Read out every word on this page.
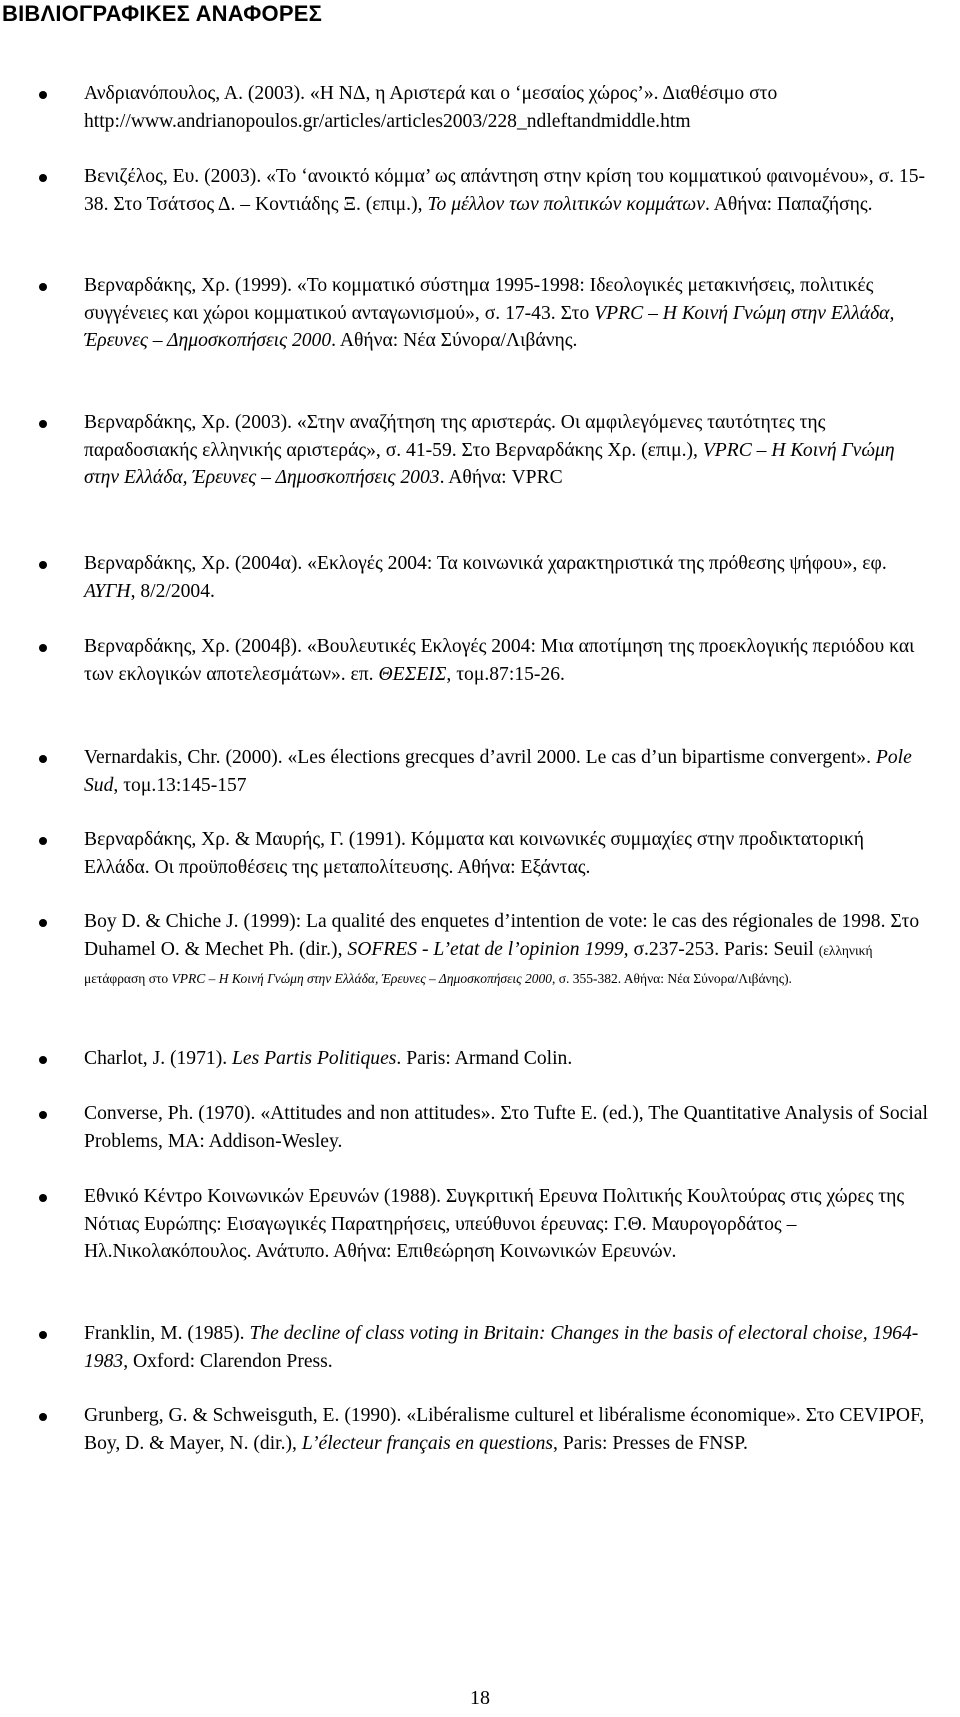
ΒΙΒΛΙΟΓΡΑΦΙΚΕΣ ΑΝΑΦΟΡΕΣ
Ανδριανόπουλος, Α. (2003). «Η ΝΔ, η Αριστερά και ο ‘μεσαίος χώρος’». Διαθέσιμο στο http://www.andrianopoulos.gr/articles/articles2003/228_ndleftandmiddle.htm
Βενιζέλος, Ευ. (2003). «Το ‘ανοικτό κόμμα’ ως απάντηση στην κρίση του κομματικού φαινομένου», σ. 15-38. Στο Τσάτσος Δ. – Κοντιάδης Ξ. (επιμ.), Το μέλλον των πολιτικών κομμάτων. Αθήνα: Παπαζήσης.
Βερναρδάκης, Χρ. (1999). «Το κομματικό σύστημα 1995-1998: Ιδεολογικές μετακινήσεις, πολιτικές συγγένειες και χώροι κομματικού ανταγωνισμού», σ. 17-43. Στο VPRC – Η Κοινή Γνώμη στην Ελλάδα, Έρευνες – Δημοσκοπήσεις 2000. Αθήνα: Νέα Σύνορα/Λιβάνης.
Βερναρδάκης, Χρ. (2003). «Στην αναζήτηση της αριστεράς. Οι αμφιλεγόμενες ταυτότητες της παραδοσιακής ελληνικής αριστεράς», σ. 41-59. Στο Βερναρδάκης Χρ. (επιμ.), VPRC – Η Κοινή Γνώμη στην Ελλάδα, Έρευνες – Δημοσκοπήσεις 2003. Αθήνα: VPRC
Βερναρδάκης, Χρ. (2004α). «Εκλογές 2004: Τα κοινωνικά χαρακτηριστικά της πρόθεσης ψήφου», εφ. ΑΥΓΗ, 8/2/2004.
Βερναρδάκης, Χρ. (2004β). «Βουλευτικές Εκλογές 2004: Μια αποτίμηση της προεκλογικής περιόδου και των εκλογικών αποτελεσμάτων». επ. ΘΕΣΕΙΣ, τομ.87:15-26.
Vernardakis, Chr. (2000). «Les élections grecques d’avril 2000. Le cas d’un bipartisme convergent». Pole Sud, τομ.13:145-157
Βερναρδάκης, Χρ. & Μαυρής, Γ. (1991). Κόμματα και κοινωνικές συμμαχίες στην προδικτατορική Ελλάδα. Οι προϋποθέσεις της μεταπολίτευσης. Αθήνα: Εξάντας.
Boy D. & Chiche J. (1999): La qualité des enquetes d’intention de vote: le cas des régionales de 1998. Στο Duhamel O. & Mechet Ph. (dir.), SOFRES - L’etat de l’opinion 1999, σ.237-253. Paris: Seuil (ελληνική μετάφραση στο VPRC – Η Κοινή Γνώμη στην Ελλάδα, Έρευνες – Δημοσκοπήσεις 2000, σ. 355-382. Αθήνα: Νέα Σύνορα/Λιβάνης).
Charlot, J. (1971). Les Partis Politiques. Paris: Armand Colin.
Converse, Ph. (1970). «Attitudes and non attitudes». Στο Tufte E. (ed.), The Quantitative Analysis of Social Problems, MA: Addison-Wesley.
Εθνικό Κέντρο Κοινωνικών Ερευνών (1988). Συγκριτική Ερευνα Πολιτικής Κουλτούρας στις χώρες της Νότιας Ευρώπης: Εισαγωγικές Παρατηρήσεις, υπεύθυνοι έρευνας: Γ.Θ. Μαυρογορδάτος – Ηλ.Νικολακόπουλος. Ανάτυπο. Αθήνα: Επιθεώρηση Κοινωνικών Ερευνών.
Franklin, M. (1985). The decline of class voting in Britain: Changes in the basis of electoral choise, 1964-1983, Oxford: Clarendon Press.
Grunberg, G. & Schweisguth, E. (1990). «Libéralisme culturel et libéralisme économique». Στο CEVIPOF, Boy, D. & Mayer, N. (dir.), L’électeur français en questions, Paris: Presses de FNSP.
18
